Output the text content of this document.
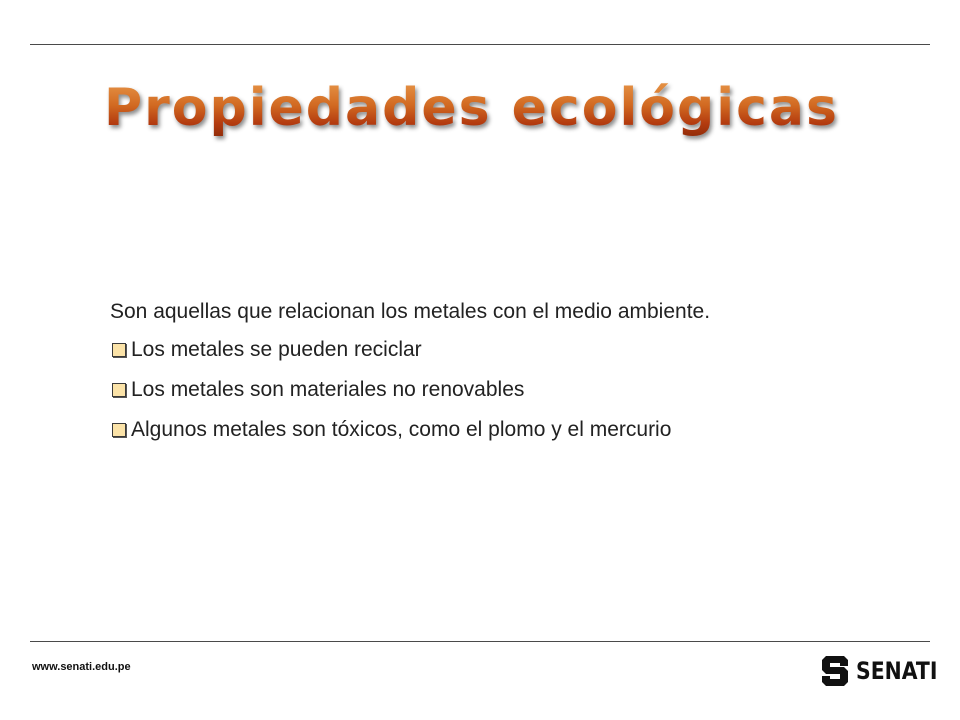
Propiedades ecológicas

Son aquellas que relacionan los metales con el medio ambiente.

Los metales se pueden reciclar
Los metales son materiales no renovables
Algunos metales son tóxicos, como el plomo y el mercurio
www.senati.edu.pe	SENATI
